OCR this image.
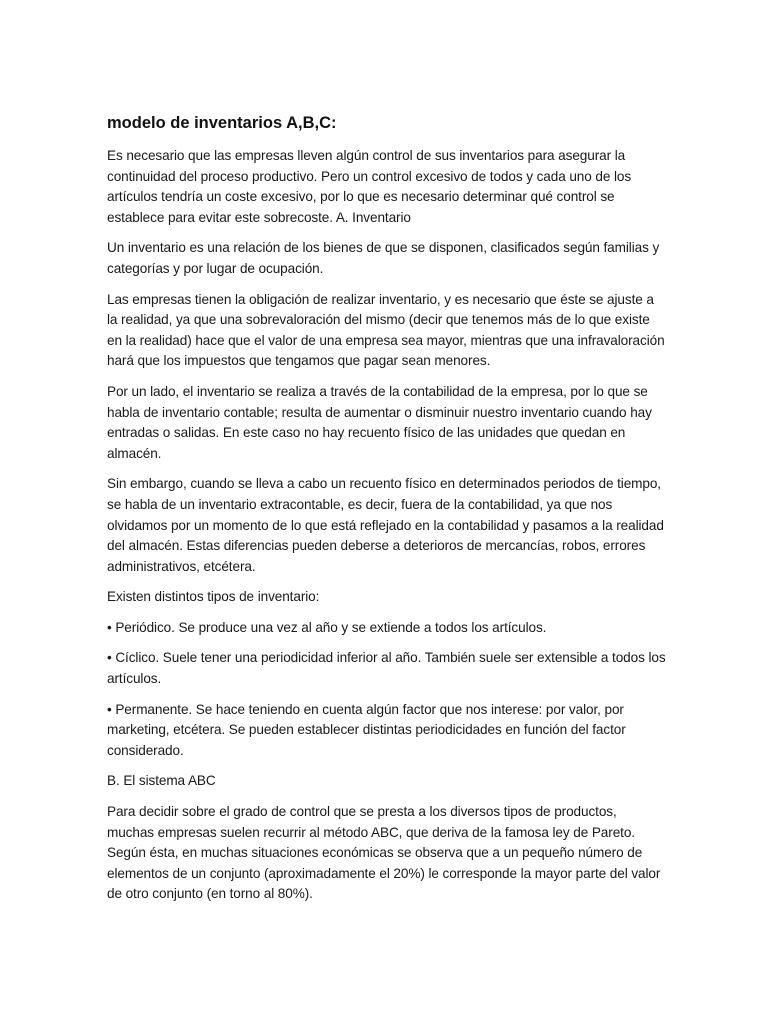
modelo de inventarios A,B,C:

Es necesario que las empresas lleven algún control de sus inventarios para asegurar la continuidad del proceso productivo. Pero un control excesivo de todos y cada uno de los artículos tendría un coste excesivo, por lo que es necesario determinar qué control se establece para evitar este sobrecoste. A. Inventario

Un inventario es una relación de los bienes de que se disponen, clasificados según familias y categorías y por lugar de ocupación.

Las empresas tienen la obligación de realizar inventario, y es necesario que éste se ajuste a la realidad, ya que una sobrevaloración del mismo (decir que tenemos más de lo que existe en la realidad) hace que el valor de una empresa sea mayor, mientras que una infravaloración hará que los impuestos que tengamos que pagar sean menores.

Por un lado, el inventario se realiza a través de la contabilidad de la empresa, por lo que se habla de inventario contable; resulta de aumentar o disminuir nuestro inventario cuando hay entradas o salidas. En este caso no hay recuento físico de las unidades que quedan en almacén.

Sin embargo, cuando se lleva a cabo un recuento físico en determinados periodos de tiempo, se habla de un inventario extracontable, es decir, fuera de la contabilidad, ya que nos olvidamos por un momento de lo que está reflejado en la contabilidad y pasamos a la realidad del almacén. Estas diferencias pueden deberse a deterioros de mercancías, robos, errores administrativos, etcétera.

Existen distintos tipos de inventario:

• Periódico. Se produce una vez al año y se extiende a todos los artículos.

• Cíclico. Suele tener una periodicidad inferior al año. También suele ser extensible a todos los artículos.

• Permanente. Se hace teniendo en cuenta algún factor que nos interese: por valor, por marketing, etcétera. Se pueden establecer distintas periodicidades en función del factor considerado.

B. El sistema ABC

Para decidir sobre el grado de control que se presta a los diversos tipos de productos, muchas empresas suelen recurrir al método ABC, que deriva de la famosa ley de Pareto. Según ésta, en muchas situaciones económicas se observa que a un pequeño número de elementos de un conjunto (aproximadamente el 20%) le corresponde la mayor parte del valor de otro conjunto (en torno al 80%).
